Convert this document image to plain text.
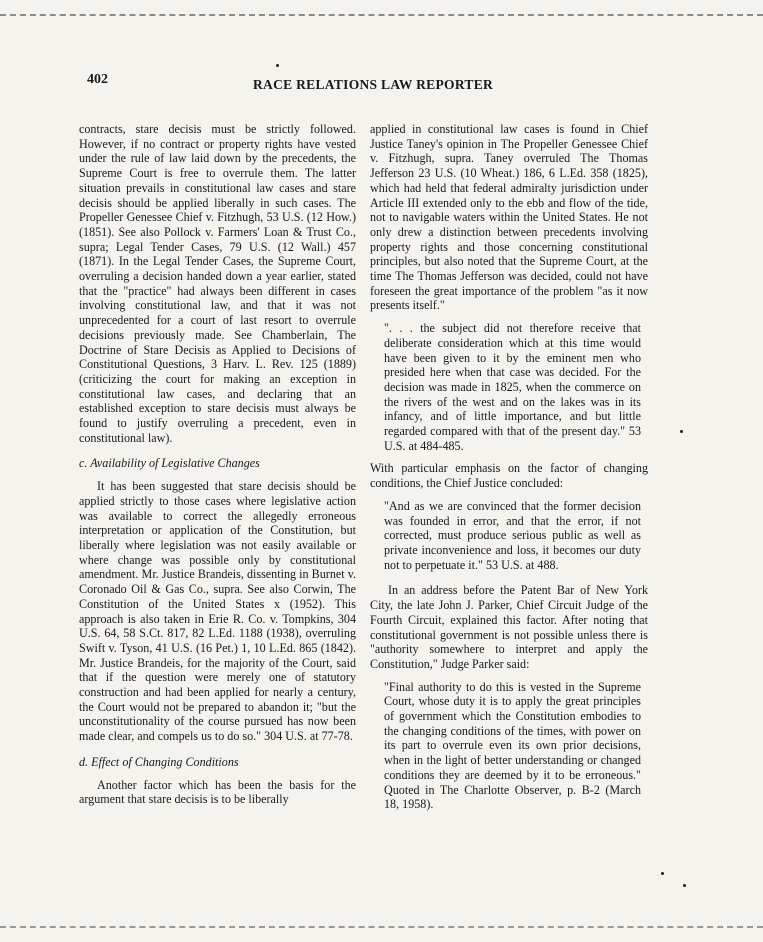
402	RACE RELATIONS LAW REPORTER

contracts, stare decisis must be strictly followed. However, if no contract or property rights have vested under the rule of law laid down by the precedents, the Supreme Court is free to overrule them. The latter situation prevails in constitutional law cases and stare decisis should be applied liberally in such cases. The Propeller Genessee Chief v. Fitzhugh, 53 U.S. (12 How.) (1851). See also Pollock v. Farmers' Loan & Trust Co., supra; Legal Tender Cases, 79 U.S. (12 Wall.) 457 (1871). In the Legal Tender Cases, the Supreme Court, overruling a decision handed down a year earlier, stated that the "practice" had always been different in cases involving constitutional law, and that it was not unprecedented for a court of last resort to overrule decisions previously made. See Chamberlain, The Doctrine of Stare Decisis as Applied to Decisions of Constitutional Questions, 3 Harv. L. Rev. 125 (1889) (criticizing the court for making an exception in constitutional law cases, and declaring that an established exception to stare decisis must always be found to justify overruling a precedent, even in constitutional law).

c. Availability of Legislative Changes

It has been suggested that stare decisis should be applied strictly to those cases where legislative action was available to correct the allegedly erroneous interpretation or application of the Constitution, but liberally where legislation was not easily available or where change was possible only by constitutional amendment. Mr. Justice Brandeis, dissenting in Burnet v. Coronado Oil & Gas Co., supra. See also Corwin, The Constitution of the United States x (1952). This approach is also taken in Erie R. Co. v. Tompkins, 304 U.S. 64, 58 S.Ct. 817, 82 L.Ed. 1188 (1938), overruling Swift v. Tyson, 41 U.S. (16 Pet.) 1, 10 L.Ed. 865 (1842). Mr. Justice Brandeis, for the majority of the Court, said that if the question were merely one of statutory construction and had been applied for nearly a century, the Court would not be prepared to abandon it; "but the unconstitutionality of the course pursued has now been made clear, and compels us to do so." 304 U.S. at 77-78.

d. Effect of Changing Conditions

Another factor which has been the basis for the argument that stare decisis is to be liberally

applied in constitutional law cases is found in Chief Justice Taney's opinion in The Propeller Genessee Chief v. Fitzhugh, supra. Taney overruled The Thomas Jefferson 23 U.S. (10 Wheat.) 186, 6 L.Ed. 358 (1825), which had held that federal admiralty jurisdiction under Article III extended only to the ebb and flow of the tide, not to navigable waters within the United States. He not only drew a distinction between precedents involving property rights and those concerning constitutional principles, but also noted that the Supreme Court, at the time The Thomas Jefferson was decided, could not have foreseen the great importance of the problem "as it now presents itself."

". . . the subject did not therefore receive that deliberate consideration which at this time would have been given to it by the eminent men who presided here when that case was decided. For the decision was made in 1825, when the commerce on the rivers of the west and on the lakes was in its infancy, and of little importance, and but little regarded compared with that of the present day." 53 U.S. at 484-485.

With particular emphasis on the factor of changing conditions, the Chief Justice concluded:

"And as we are convinced that the former decision was founded in error, and that the error, if not corrected, must produce serious public as well as private inconvenience and loss, it becomes our duty not to perpetuate it." 53 U.S. at 488.

In an address before the Patent Bar of New York City, the late John J. Parker, Chief Circuit Judge of the Fourth Circuit, explained this factor. After noting that constitutional government is not possible unless there is "authority somewhere to interpret and apply the Constitution," Judge Parker said:

"Final authority to do this is vested in the Supreme Court, whose duty it is to apply the great principles of government which the Constitution embodies to the changing conditions of the times, with power on its part to overrule even its own prior decisions, when in the light of better understanding or changed conditions they are deemed by it to be erroneous." Quoted in The Charlotte Observer, p. B-2 (March 18, 1958).
